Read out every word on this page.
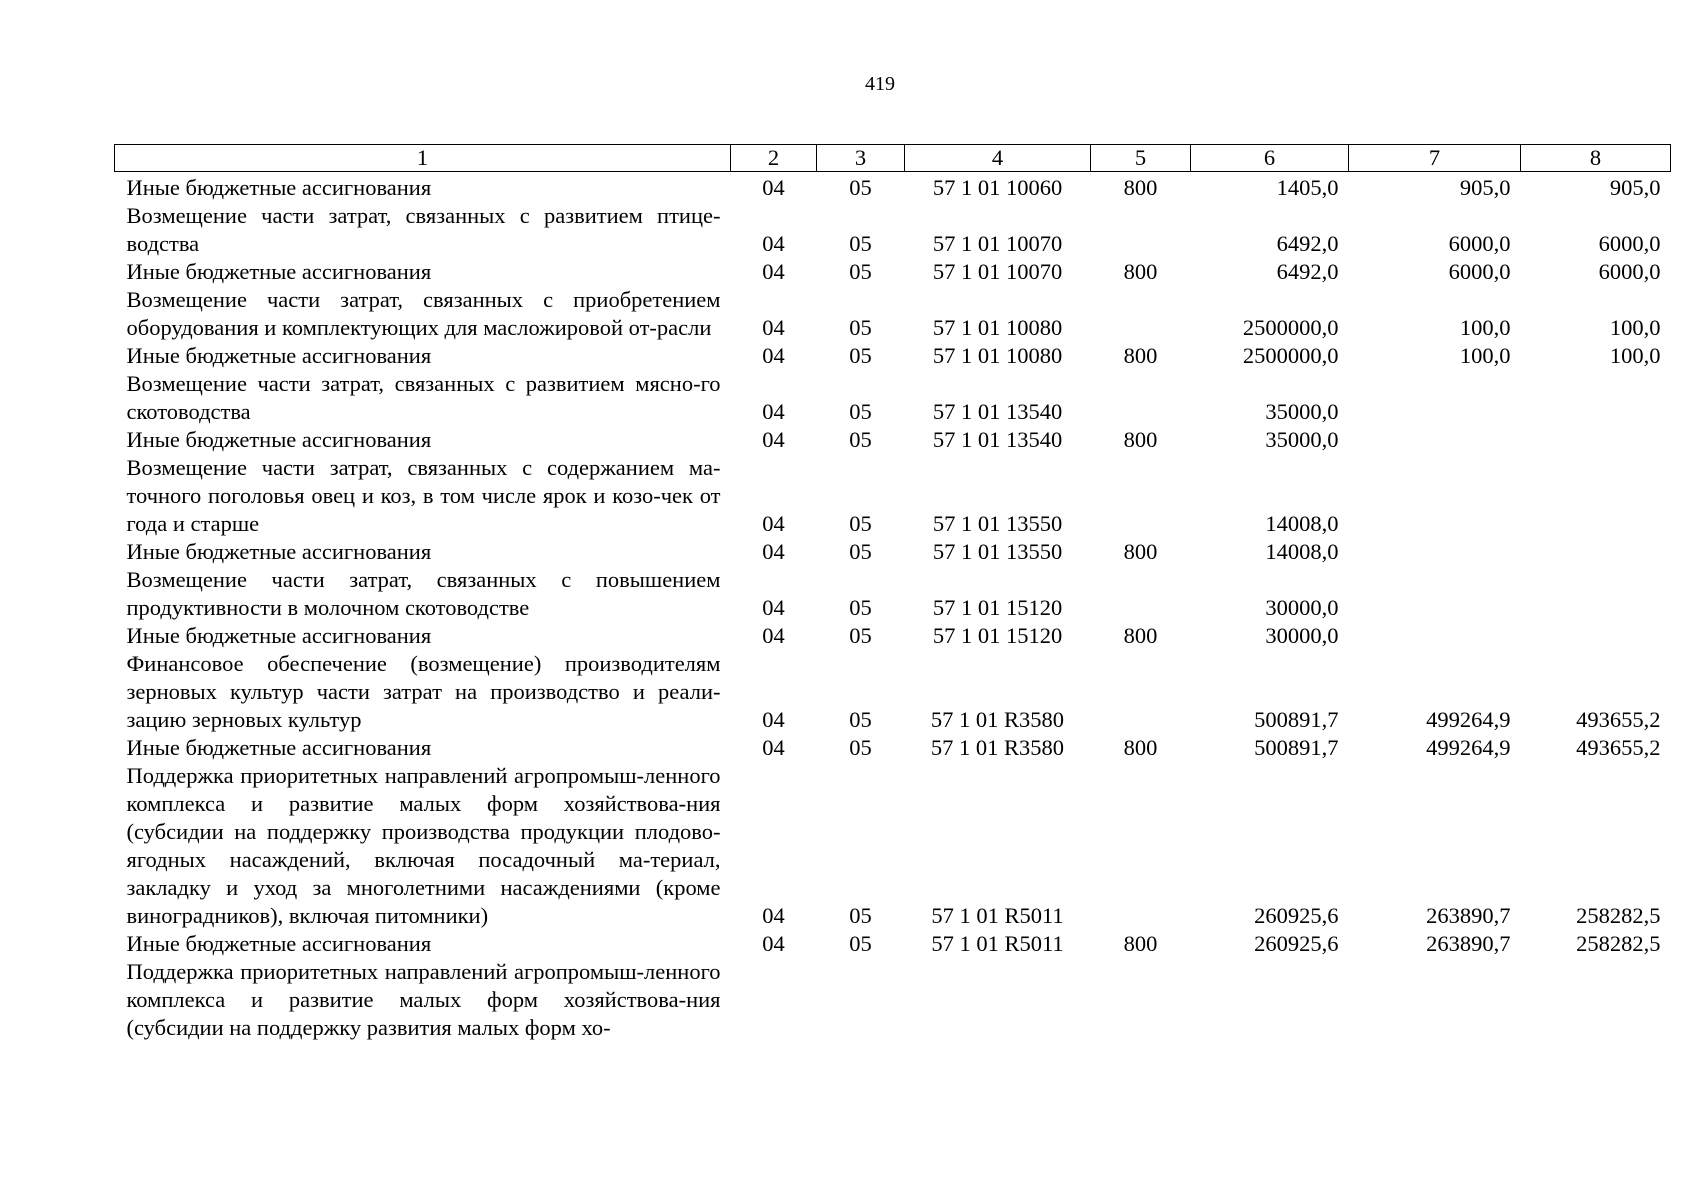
419
1	2	3	4	5	6	7	8
Иные бюджетные ассигнования	04	05	57 1 01 10060	800	1405,0	905,0	905,0
Возмещение части затрат, связанных с развитием птице-водства	04	05	57 1 01 10070		6492,0	6000,0	6000,0
Иные бюджетные ассигнования	04	05	57 1 01 10070	800	6492,0	6000,0	6000,0
Возмещение части затрат, связанных с приобретением оборудования и комплектующих для масложировой от-расли	04	05	57 1 01 10080		2500000,0	100,0	100,0
Иные бюджетные ассигнования	04	05	57 1 01 10080	800	2500000,0	100,0	100,0
Возмещение части затрат, связанных с развитием мясно-го скотоводства	04	05	57 1 01 13540		35000,0		
Иные бюджетные ассигнования	04	05	57 1 01 13540	800	35000,0		
Возмещение части затрат, связанных с содержанием ма-точного поголовья овец и коз, в том числе ярок и козо-чек от года и старше	04	05	57 1 01 13550		14008,0		
Иные бюджетные ассигнования	04	05	57 1 01 13550	800	14008,0		
Возмещение части затрат, связанных с повышением продуктивности в молочном скотоводстве	04	05	57 1 01 15120		30000,0		
Иные бюджетные ассигнования	04	05	57 1 01 15120	800	30000,0		
Финансовое обеспечение (возмещение) производителям зерновых культур части затрат на производство и реали-зацию зерновых культур	04	05	57 1 01 R3580		500891,7	499264,9	493655,2
Иные бюджетные ассигнования	04	05	57 1 01 R3580	800	500891,7	499264,9	493655,2
Поддержка приоритетных направлений агропромыш-ленного комплекса и развитие малых форм хозяйствова-ния (субсидии на поддержку производства продукции плодово-ягодных насаждений, включая посадочный ма-териал, закладку и уход за многолетними насаждениями (кроме виноградников), включая питомники)	04	05	57 1 01 R5011		260925,6	263890,7	258282,5
Иные бюджетные ассигнования	04	05	57 1 01 R5011	800	260925,6	263890,7	258282,5
Поддержка приоритетных направлений агропромыш-ленного комплекса и развитие малых форм хозяйствова-ния (субсидии на поддержку развития малых форм хо-							
